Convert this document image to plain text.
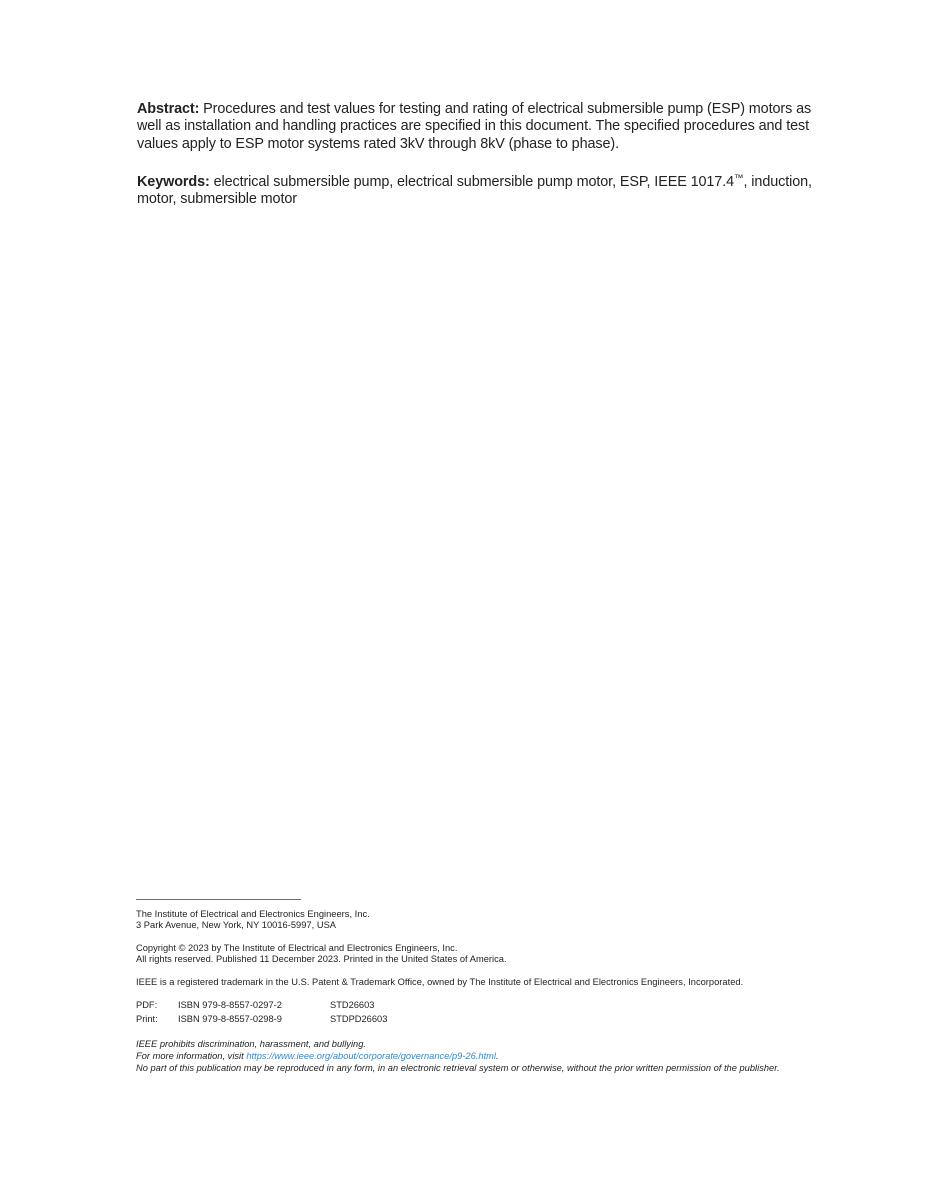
Abstract: Procedures and test values for testing and rating of electrical submersible pump (ESP) motors as well as installation and handling practices are specified in this document. The specified procedures and test values apply to ESP motor systems rated 3kV through 8kV (phase to phase).

Keywords: electrical submersible pump, electrical submersible pump motor, ESP, IEEE 1017.4™, induction, motor, submersible motor

The Institute of Electrical and Electronics Engineers, Inc.

3 Park Avenue, New York, NY 10016-5997, USA

Copyright © 2023 by The Institute of Electrical and Electronics Engineers, Inc.

All rights reserved. Published 11 December 2023. Printed in the United States of America.

IEEE is a registered trademark in the U.S. Patent & Trademark Office, owned by The Institute of Electrical and Electronics Engineers, Incorporated.

PDF:	ISBN 979-8-8557-0297-2	STD26603
Print:	ISBN 979-8-8557-0298-9	STDPD26603

IEEE prohibits discrimination, harassment, and bullying.

For more information, visit https://www.ieee.org/about/corporate/governance/p9-26.html.

No part of this publication may be reproduced in any form, in an electronic retrieval system or otherwise, without the prior written permission of the publisher.
